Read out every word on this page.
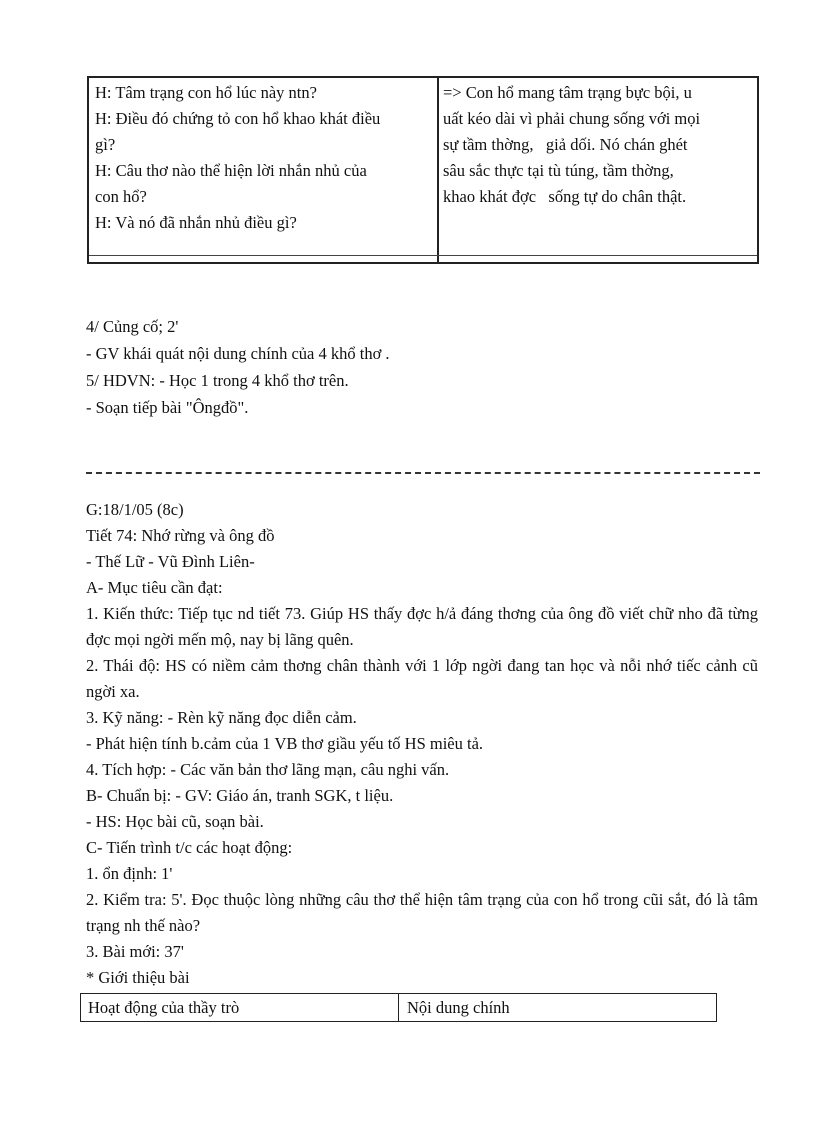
H: Tâm trạng con hổ lúc này ntn?
H: Điều đó chứng tỏ con hổ khao khát điều
gì?
H: Câu thơ nào thể hiện lời nhắn nhủ của
con hổ?
H: Và nó đã nhắn nhủ điều gì?
=> Con hổ mang tâm trạng bực bội, u
uất kéo dài vì phải chung sống với mọi
sự tầm thờng,   giả dối. Nó chán ghét
sâu sắc thực tại tù túng, tầm thờng,
khao khát đợc   sống tự do chân thật.
4/ Củng cố; 2'
- GV khái quát nội dung chính của 4 khổ thơ .
5/ HDVN: - Học 1 trong 4 khổ thơ trên.
- Soạn tiếp bài "Ôngđồ".
G:18/1/05 (8c)
Tiết 74: Nhớ rừng và ông đồ
- Thế Lữ - Vũ Đình Liên-
A- Mục tiêu cần đạt:
1. Kiến thức: Tiếp tục nd tiết 73. Giúp HS thấy đợc h/ả đáng thơng của ông đồ viết chữ nho đã từng đợc mọi ngời mến mộ, nay bị lãng quên.
2. Thái độ: HS có niềm cảm thơng chân thành với 1 lớp ngời đang tan học và nỗi nhớ tiếc cảnh cũ ngời xa.
3. Kỹ năng: - Rèn kỹ năng đọc diễn cảm.
- Phát hiện tính b.cảm của 1 VB thơ giầu yếu tố HS miêu tả.
4. Tích hợp: - Các văn bản thơ lãng mạn, câu nghi vấn.
B- Chuẩn bị: - GV: Giáo án, tranh SGK, t liệu.
- HS: Học bài cũ, soạn bài.
C- Tiến trình t/c các hoạt động:
1. ổn định: 1'
2. Kiểm tra: 5'. Đọc thuộc lòng những câu thơ thể hiện tâm trạng của con hổ trong cũi sắt, đó là tâm trạng nh thế nào?
3. Bài mới: 37'
* Giới thiệu bài
Hoạt động của thầy trò	Nội dung chính
